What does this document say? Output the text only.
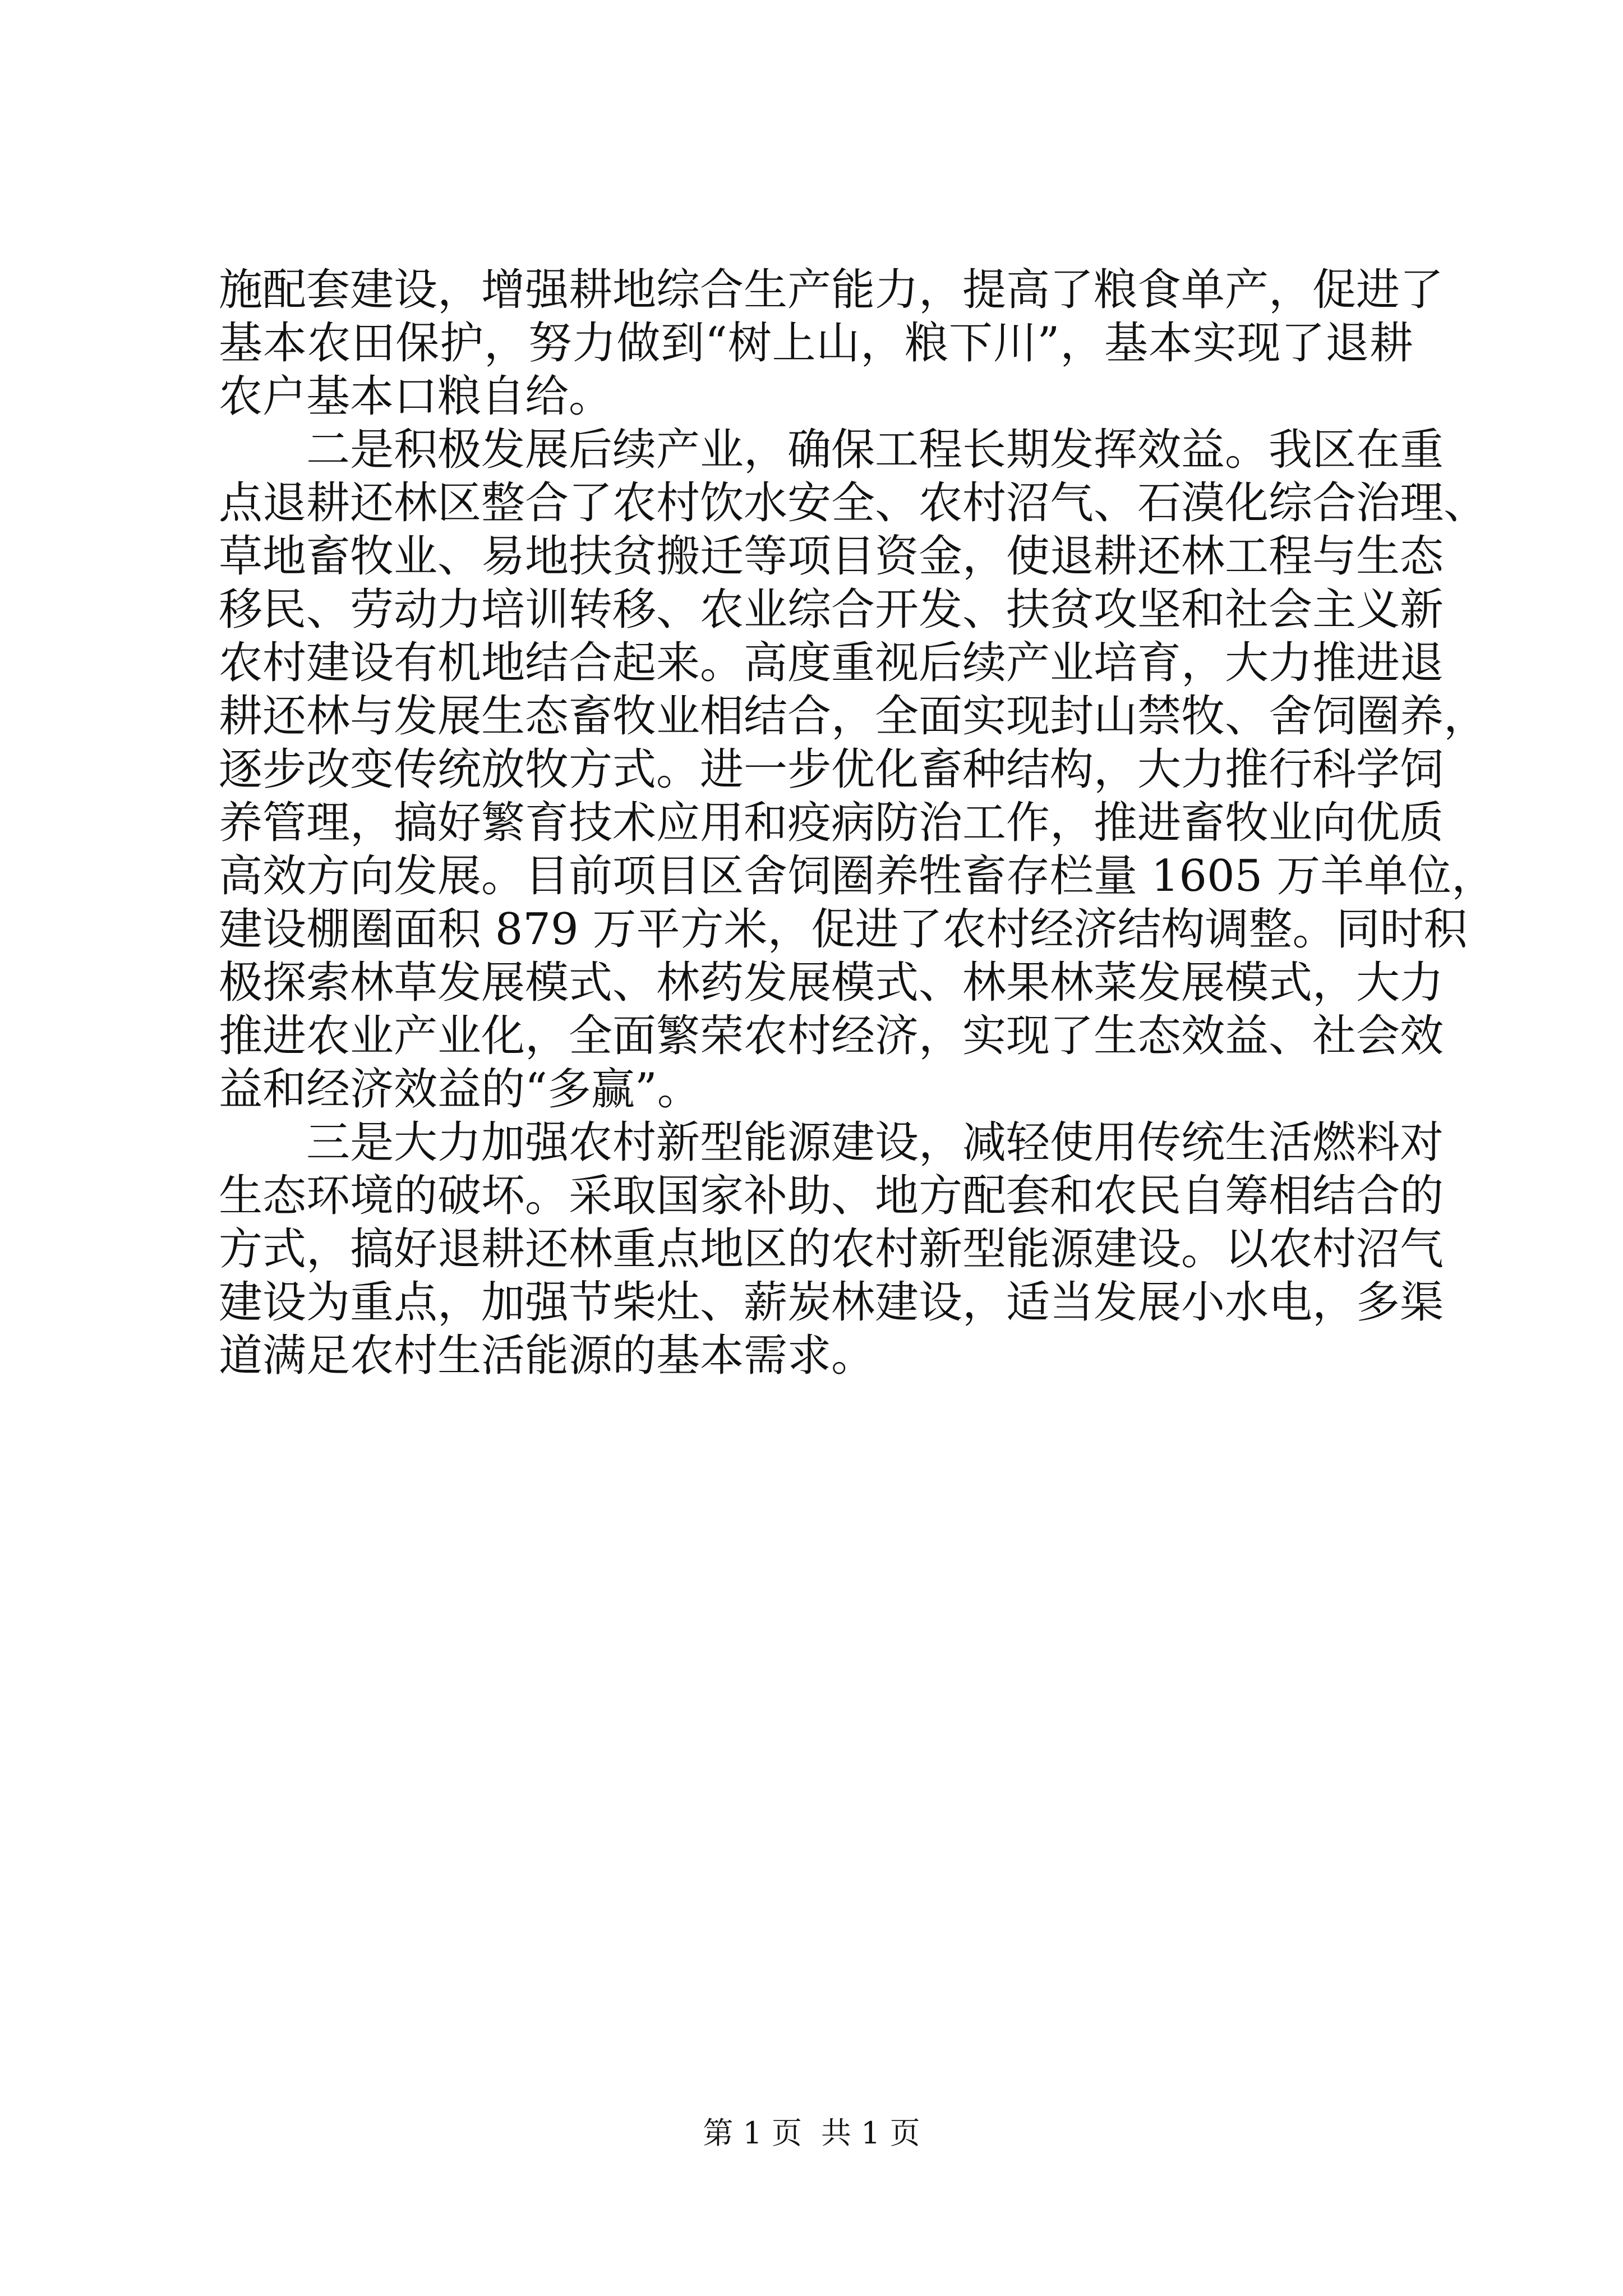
施配套建设，增强耕地综合生产能力，提高了粮食单产，促进了
基本农田保护，努力做到“树上山，粮下川”，基本实现了退耕
农户基本口粮自给。
二是积极发展后续产业，确保工程长期发挥效益。我区在重
点退耕还林区整合了农村饮水安全、农村沼气、石漠化综合治理、
草地畜牧业、易地扶贫搬迁等项目资金，使退耕还林工程与生态
移民、劳动力培训转移、农业综合开发、扶贫攻坚和社会主义新
农村建设有机地结合起来。高度重视后续产业培育，大力推进退
耕还林与发展生态畜牧业相结合，全面实现封山禁牧、舍饲圈养，
逐步改变传统放牧方式。进一步优化畜种结构，大力推行科学饲
养管理，搞好繁育技术应用和疫病防治工作，推进畜牧业向优质
高效方向发展。目前项目区舍饲圈养牲畜存栏量 1605 万羊单位，
建设棚圈面积 879 万平方米，促进了农村经济结构调整。同时积
极探索林草发展模式、林药发展模式、林果林菜发展模式，大力
推进农业产业化，全面繁荣农村经济，实现了生态效益、社会效
益和经济效益的“多赢”。
三是大力加强农村新型能源建设，减轻使用传统生活燃料对
生态环境的破坏。采取国家补助、地方配套和农民自筹相结合的
方式，搞好退耕还林重点地区的农村新型能源建设。以农村沼气
建设为重点，加强节柴灶、薪炭林建设，适当发展小水电，多渠
道满足农村生活能源的基本需求。
第 1 页 共 1 页
